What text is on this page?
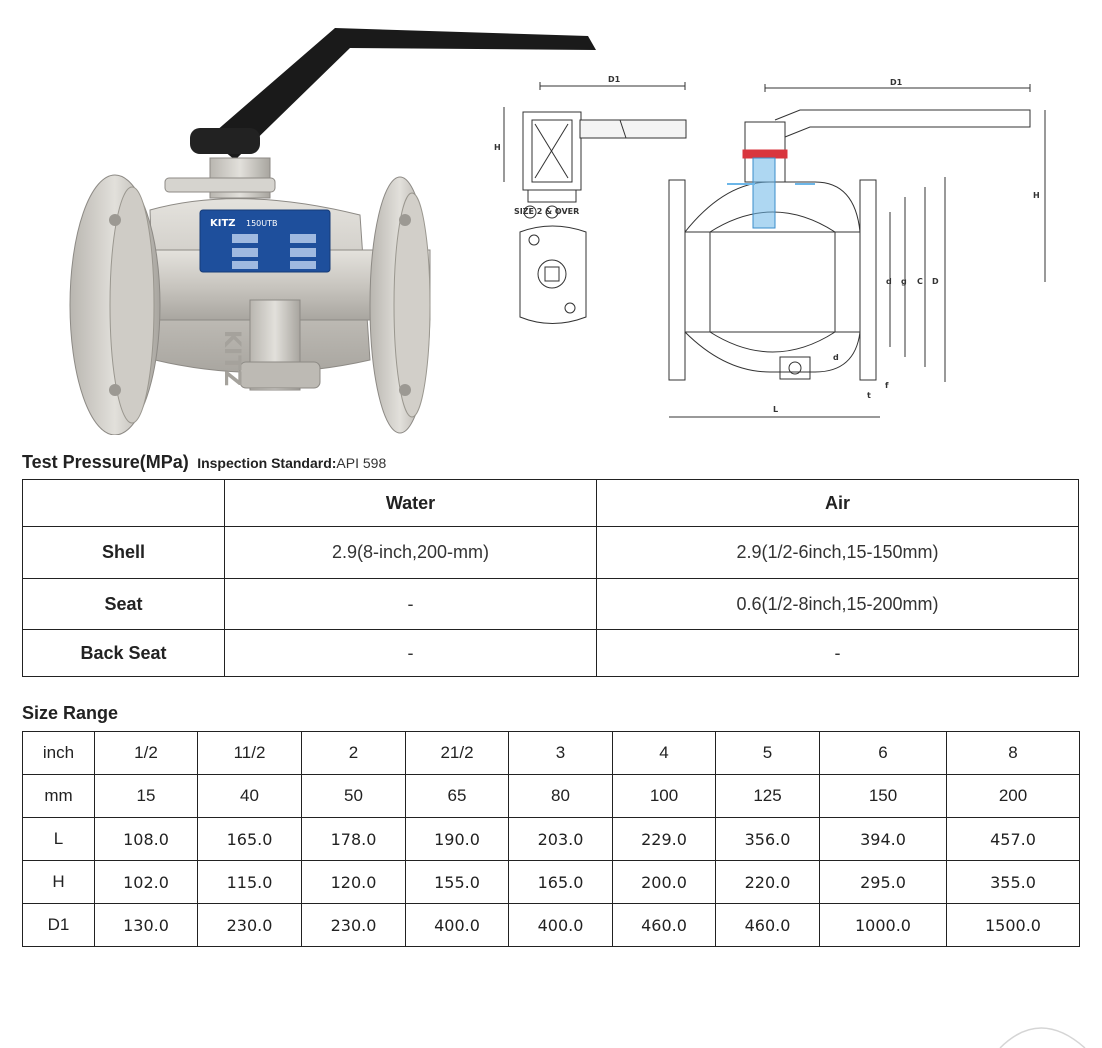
KITZ
KITZ 150UTB
D1
H
SIZE 2 & OVER
D1
H
d g C D
L
t
f
d
Test Pressure(MPa) Inspection Standard:API 598
	Water	Air
Shell	2.9(8-inch,200-mm)	2.9(1/2-6inch,15-150mm)
Seat	-	0.6(1/2-8inch,15-200mm)
Back Seat	-	-
Size Range
inch	1/2	11/2	2	21/2	3	4	5	6	8
mm	15	40	50	65	80	100	125	150	200
L	108.0	165.0	178.0	190.0	203.0	229.0	356.0	394.0	457.0
H	102.0	115.0	120.0	155.0	165.0	200.0	220.0	295.0	355.0
D1	130.0	230.0	230.0	400.0	400.0	460.0	460.0	1000.0	1500.0
